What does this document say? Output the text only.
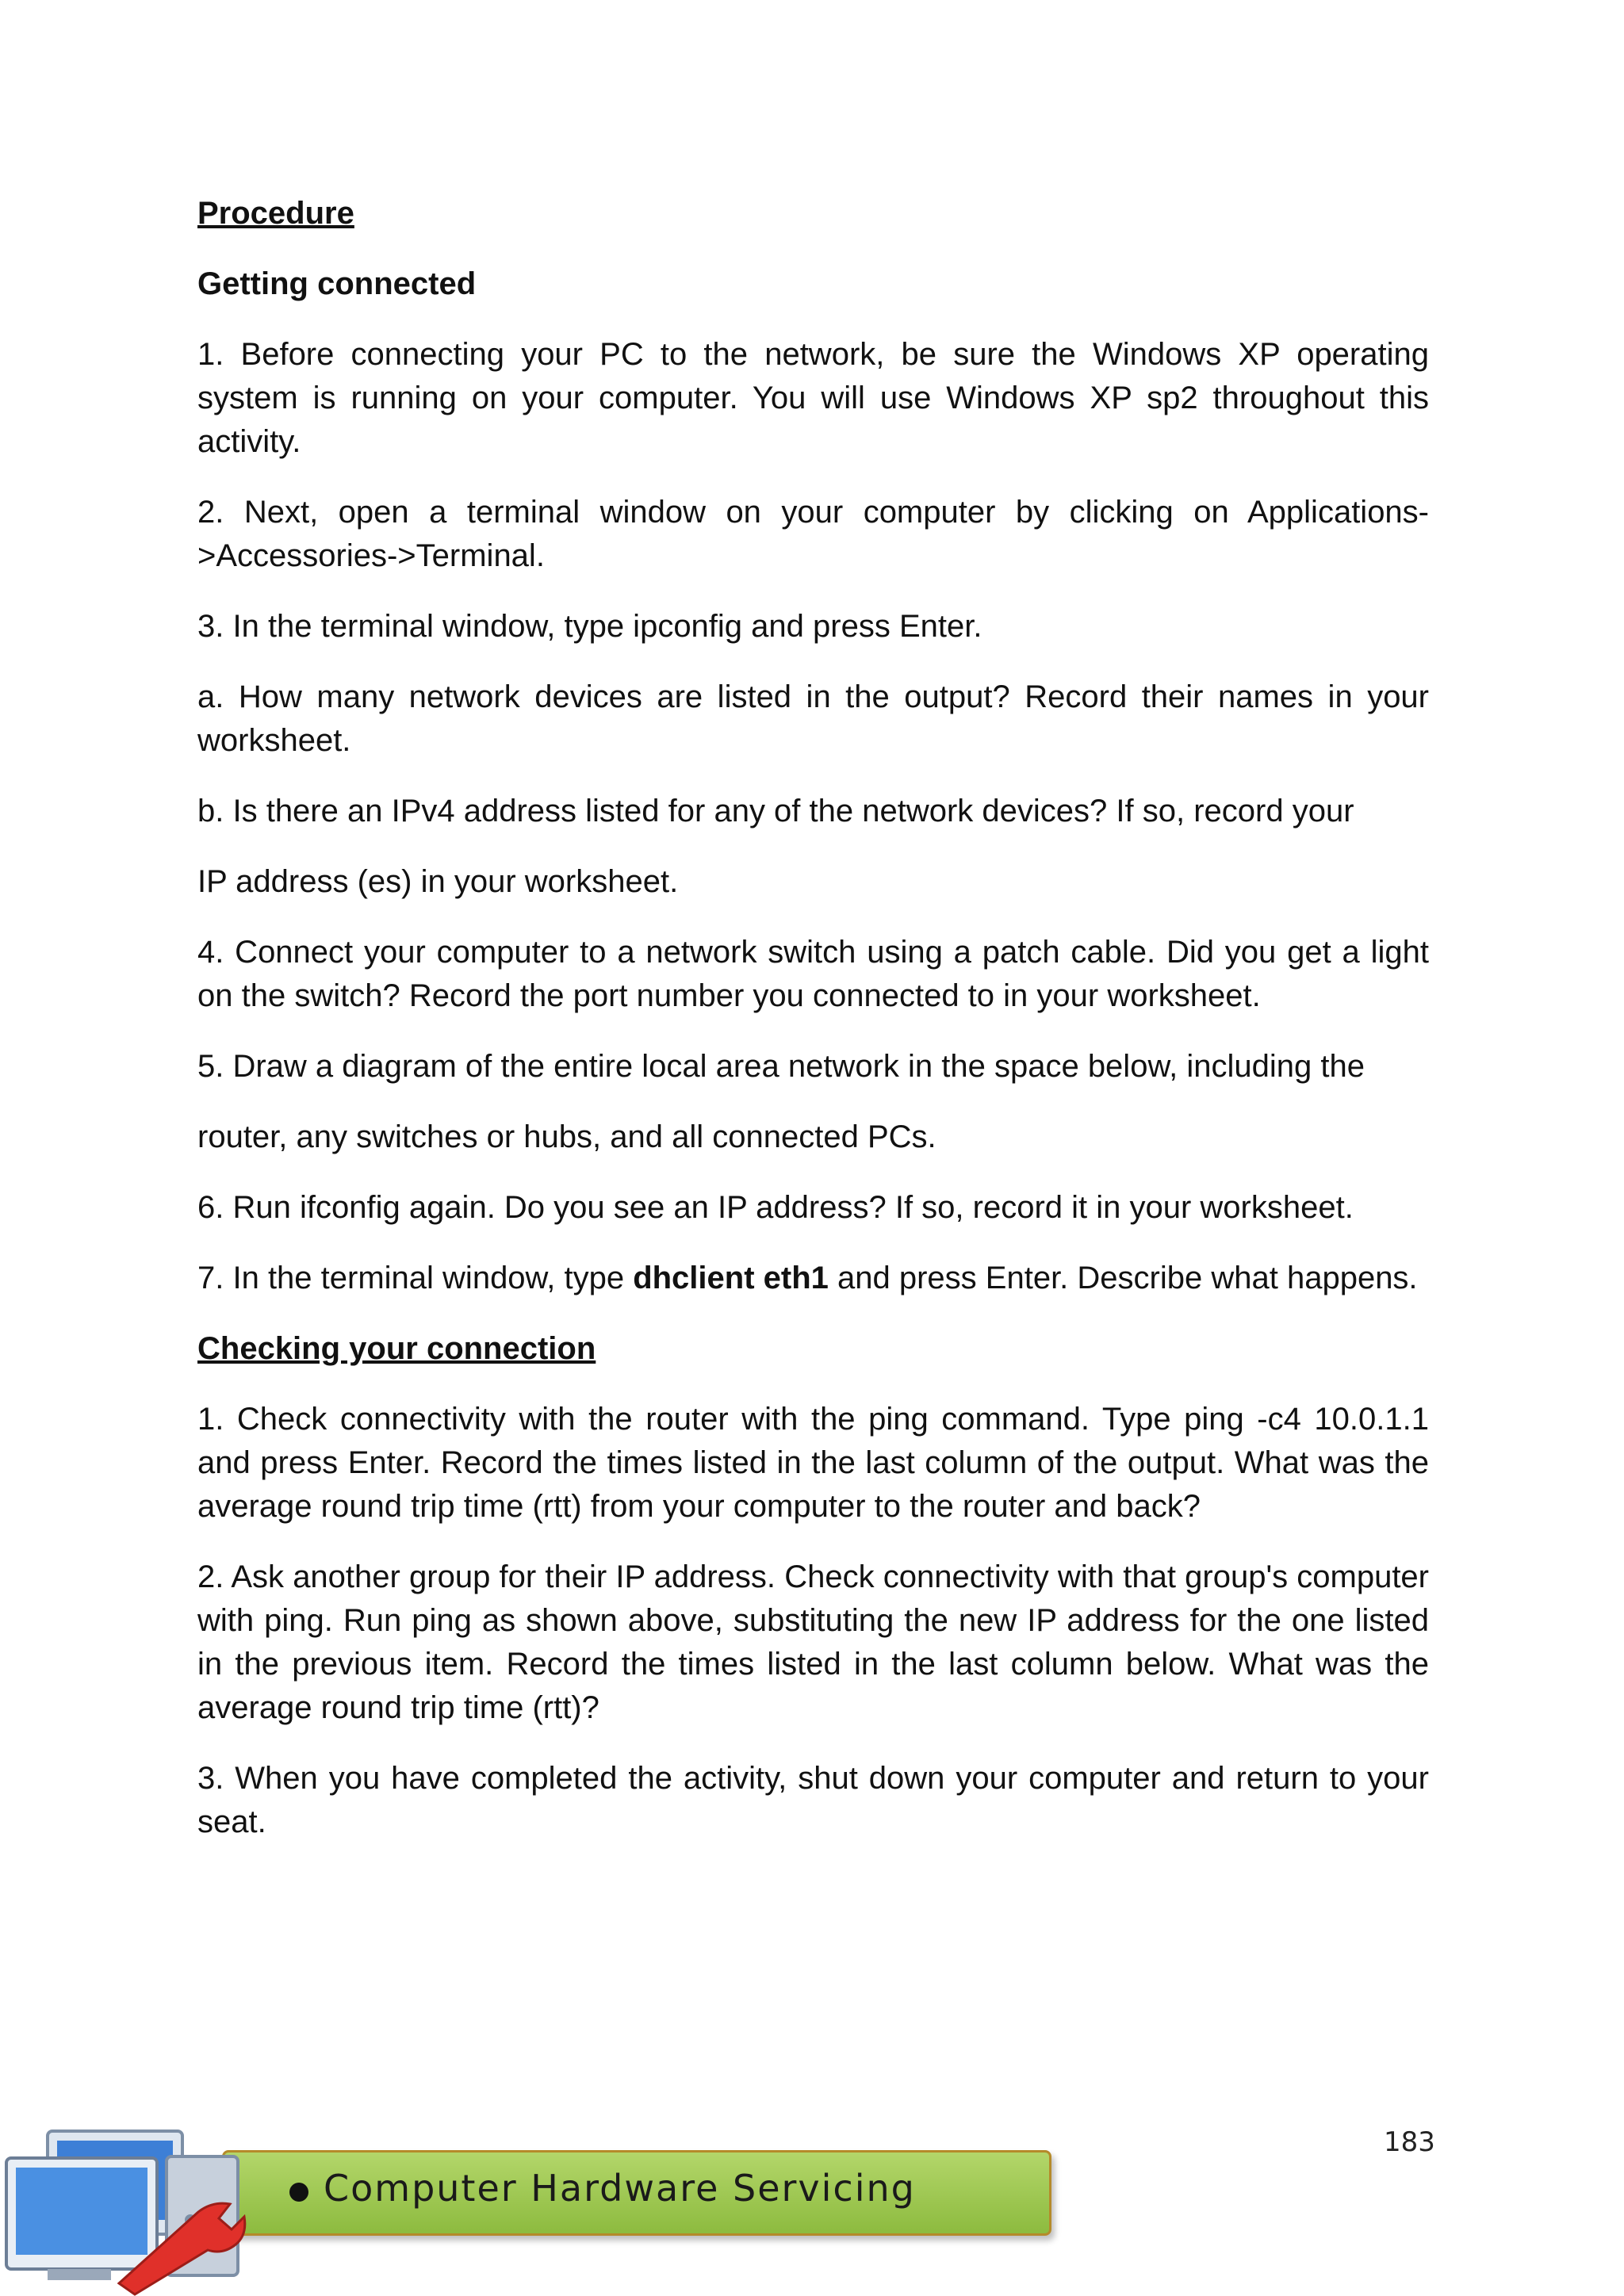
Procedure

Getting connected

1. Before connecting your PC to the network, be sure the Windows XP operating system is running on your computer. You will use Windows XP sp2 throughout this activity.

2. Next, open a terminal window on your computer by clicking on Applications->Accessories->Terminal.

3. In the terminal window, type ipconfig and press Enter.

a. How many network devices are listed in the output? Record their names in your worksheet.

b. Is there an IPv4 address listed for any of the network devices? If so, record your

IP address (es) in your worksheet.

4. Connect your computer to a network switch using a patch cable. Did you get a light on the switch? Record the port number you connected to in your worksheet.

5. Draw a diagram of the entire local area network in the space below, including the

router, any switches or hubs, and all connected PCs.

6. Run ifconfig again. Do you see an IP address? If so, record it in your worksheet.

7. In the terminal window, type dhclient eth1 and press Enter. Describe what happens.

Checking your connection

1. Check connectivity with the router with the ping command. Type ping -c4 10.0.1.1 and press Enter. Record the times listed in the last column of the output. What was the average round trip time (rtt) from your computer to the router and back?

2. Ask another group for their IP address. Check connectivity with that group's computer with ping. Run ping as shown above, substituting the new IP address for the one listed in the previous item. Record the times listed in the last column below. What was the average round trip time (rtt)?

3. When you have completed the activity, shut down your computer and return to your seat.

183
Computer Hardware Servicing
